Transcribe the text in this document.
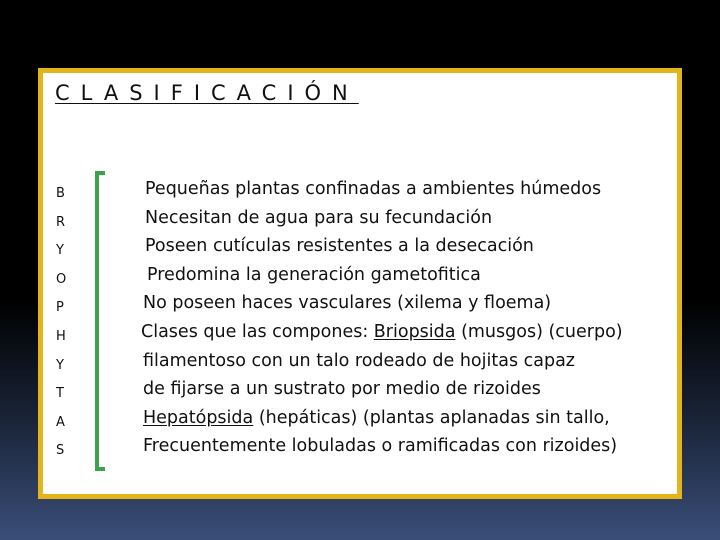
CLASIFICACIÓN
B
R
Y
O
P
H
Y
T
A
S
Pequeñas plantas confinadas a ambientes húmedos
Necesitan de agua para su fecundación
Poseen cutículas resistentes a la desecación
Predomina la generación gametofitica
No poseen haces vasculares (xilema y floema)
Clases que las compones: Briopsida (musgos) (cuerpo)
filamentoso con un talo rodeado de hojitas capaz
de fijarse a un sustrato por medio de rizoides
Hepatópsida (hepáticas) (plantas aplanadas sin tallo,
Frecuentemente lobuladas o ramificadas con rizoides)
